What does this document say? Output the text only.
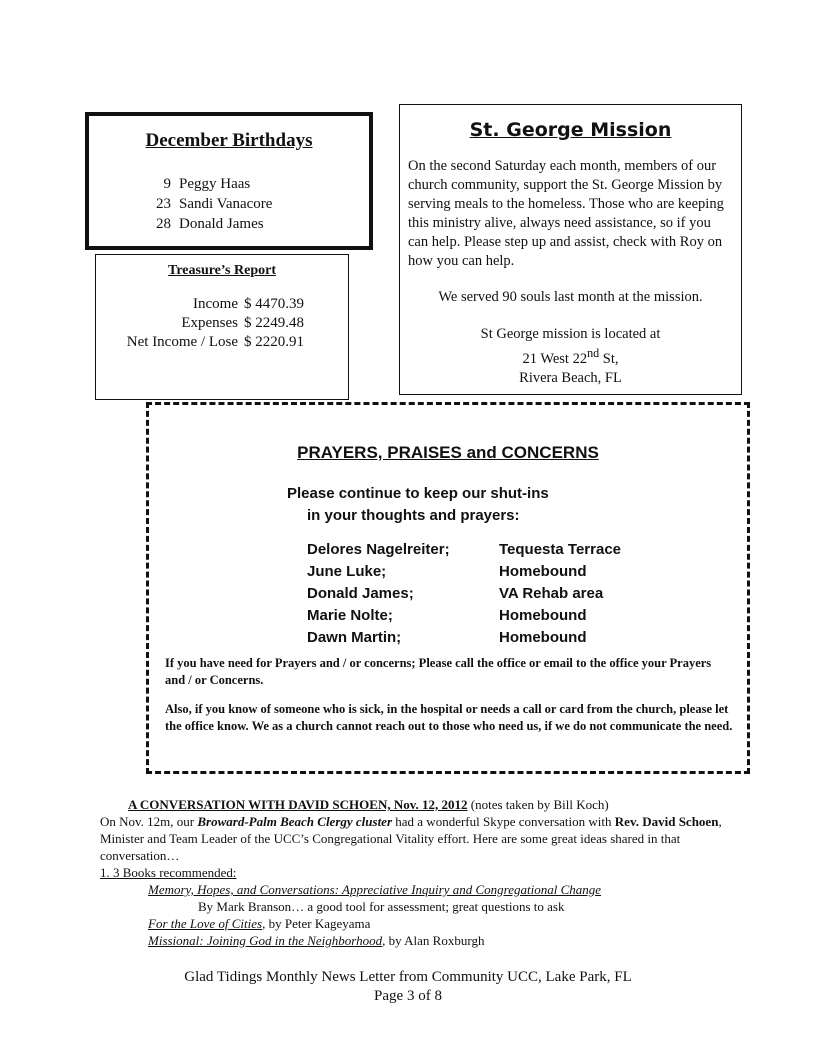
December Birthdays
9 Peggy Haas
23 Sandi Vanacore
28 Donald James
Treasure’s Report
Income $ 4470.39
Expenses $ 2249.48
Net Income / Lose $ 2220.91
St. George Mission
On the second Saturday each month, members of our church community, support the St. George Mission by serving meals to the homeless. Those who are keeping this ministry alive, always need assistance, so if you can help. Please step up and assist, check with Roy on how you can help.
We served 90 souls last month at the mission.
St George mission is located at
21 West 22nd St,
Rivera Beach, FL
PRAYERS, PRAISES and CONCERNS
Please continue to keep our shut-ins
in your thoughts and prayers:
Delores Nagelreiter;	Tequesta Terrace
June Luke;	Homebound
Donald James;	VA Rehab area
Marie Nolte;	Homebound
Dawn Martin;	Homebound
If you have need for Prayers and / or concerns; Please call the office or email to the office your Prayers and / or Concerns.
Also, if you know of someone who is sick, in the hospital or needs a call or card from the church, please let the office know. We as a church cannot reach out to those who need us, if we do not communicate the need.
A CONVERSATION WITH DAVID SCHOEN, Nov. 12, 2012 (notes taken by Bill Koch)
On Nov. 12m, our Broward-Palm Beach Clergy cluster had a wonderful Skype conversation with Rev. David Schoen, Minister and Team Leader of the UCC’s Congregational Vitality effort. Here are some great ideas shared in that conversation…
1. 3 Books recommended:
Memory, Hopes, and Conversations: Appreciative Inquiry and Congregational Change
By Mark Branson… a good tool for assessment; great questions to ask
For the Love of Cities, by Peter Kageyama
Missional: Joining God in the Neighborhood, by Alan Roxburgh
Glad Tidings Monthly News Letter from Community UCC, Lake Park, FL
Page 3 of 8
